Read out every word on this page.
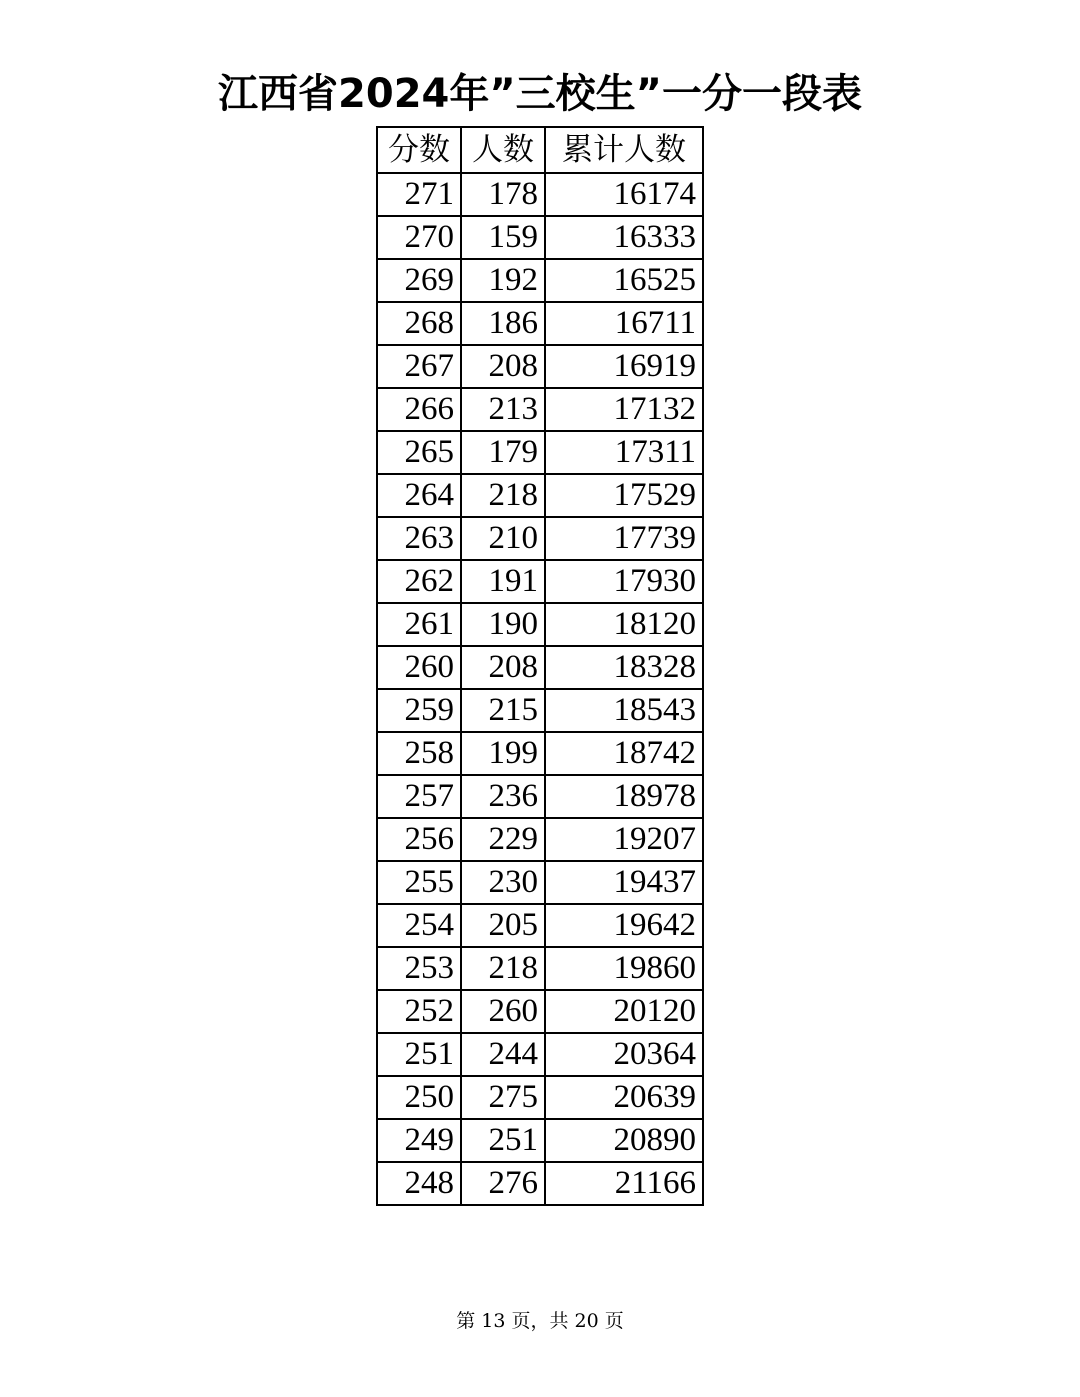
江西省2024年”三校生”一分一段表
分数	人数	累计人数
271	178	16174
270	159	16333
269	192	16525
268	186	16711
267	208	16919
266	213	17132
265	179	17311
264	218	17529
263	210	17739
262	191	17930
261	190	18120
260	208	18328
259	215	18543
258	199	18742
257	236	18978
256	229	19207
255	230	19437
254	205	19642
253	218	19860
252	260	20120
251	244	20364
250	275	20639
249	251	20890
248	276	21166
第 13 页，共 20 页
